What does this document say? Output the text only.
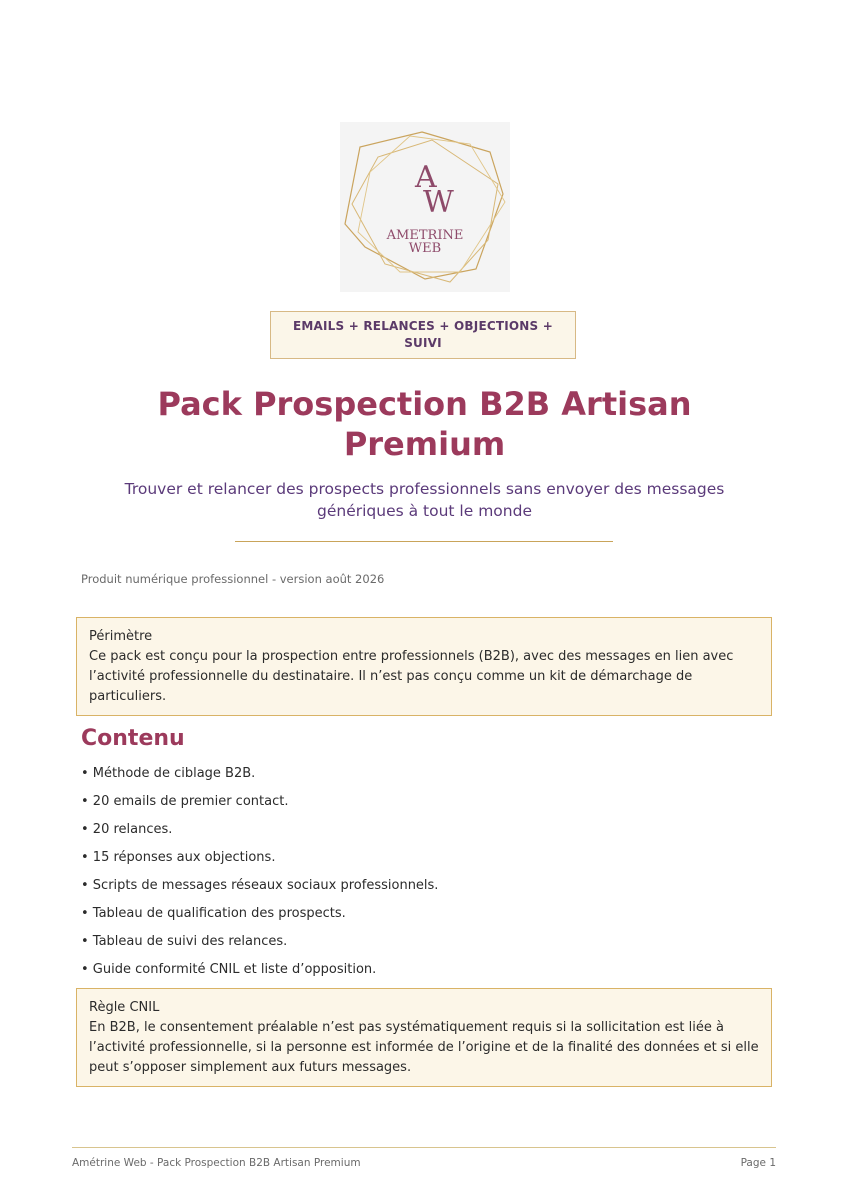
A
W
AMETRINE
WEB
EMAILS + RELANCES + OBJECTIONS + SUIVI
Pack Prospection B2B Artisan Premium

Trouver et relancer des prospects professionnels sans envoyer des messages génériques à tout le monde

Produit numérique professionnel - version août 2026

Périmètre

Ce pack est conçu pour la prospection entre professionnels (B2B), avec des messages en lien avec l’activité professionnelle du destinataire. Il n’est pas conçu comme un kit de démarchage de particuliers.

Contenu
• Méthode de ciblage B2B.
• 20 emails de premier contact.
• 20 relances.
• 15 réponses aux objections.
• Scripts de messages réseaux sociaux professionnels.
• Tableau de qualification des prospects.
• Tableau de suivi des relances.
• Guide conformité CNIL et liste d’opposition.

Règle CNIL

En B2B, le consentement préalable n’est pas systématiquement requis si la sollicitation est liée à l’activité professionnelle, si la personne est informée de l’origine et de la finalité des données et si elle peut s’opposer simplement aux futurs messages.

Amétrine Web - Pack Prospection B2B Artisan Premium	Page 1
